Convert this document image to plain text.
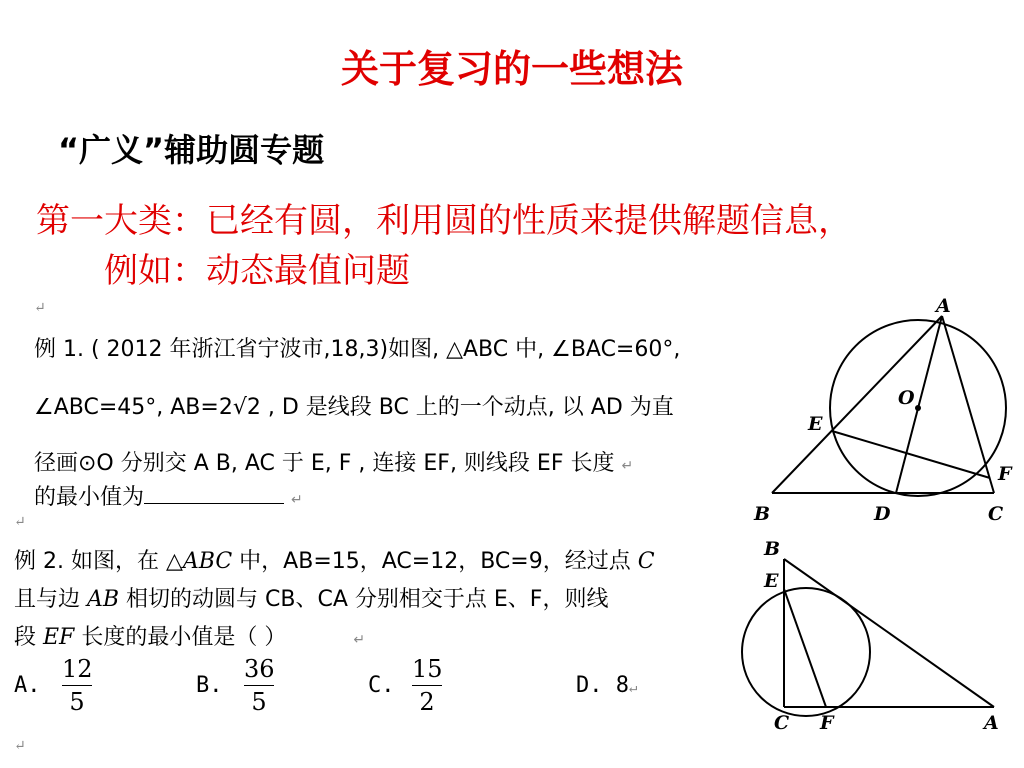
关于复习的一些想法
“广义”辅助圆专题
第一大类：已经有圆，利用圆的性质来提供解题信息，
例如：动态最值问题
↵
例 1. ( 2012 年浙江省宁波市,18,3)如图, △ABC 中, ∠BAC=60°,
∠ABC=45°, AB=2√2 , D 是线段 BC 上的一个动点, 以 AD 为直
径画⊙O 分别交 A B, AC 于 E, F , 连接 EF, 则线段 EF 长度 ↵
的最小值为	↵
A
B	C
D
E
F
O
↵
例 2. 如图，在 △ABC 中，AB=15，AC=12，BC=9，经过点 C
且与边 AB 相切的动圆与 CB、CA 分别相交于点 E、F，则线
段 EF 长度的最小值是（ ）	↵
A.
12
5
B.
36
5
C.
15
2
D. 8↵
↵
B
E
C F	A
